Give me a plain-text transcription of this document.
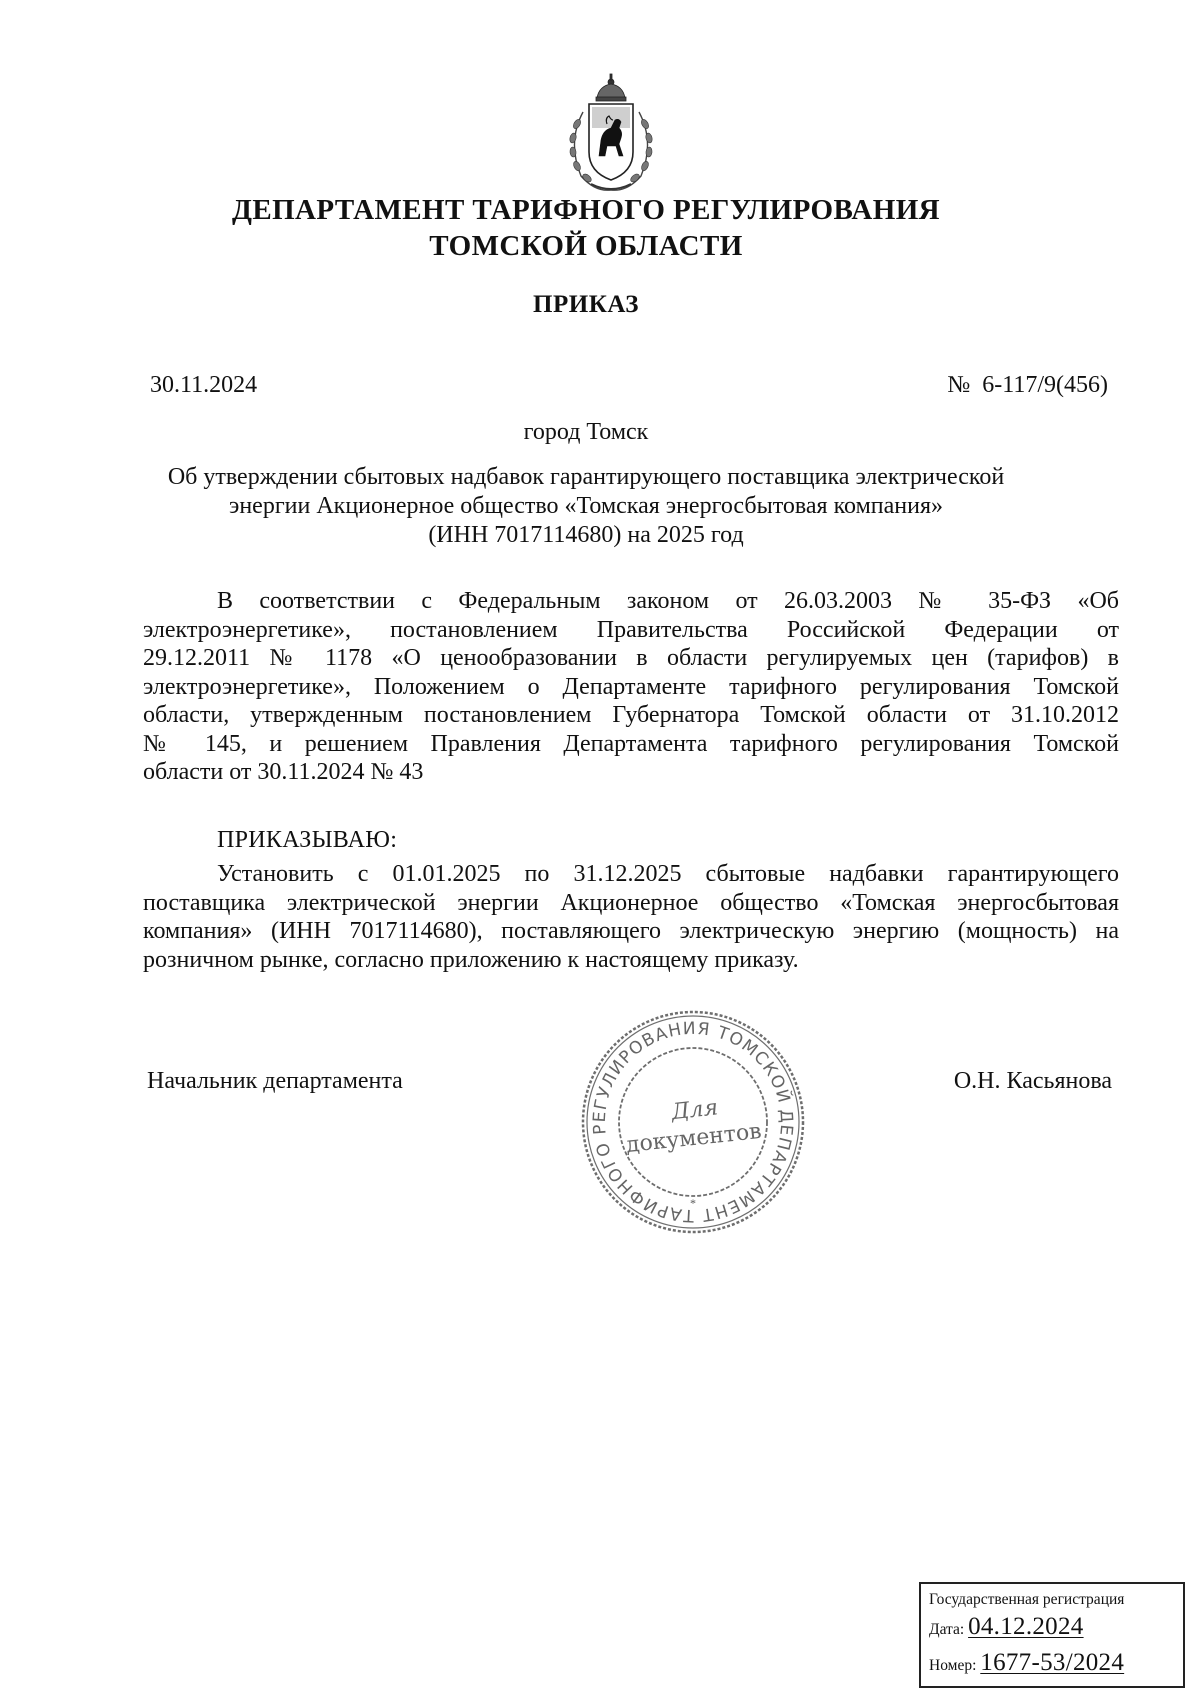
ДЕПАРТАМЕНТ ТАРИФНОГО РЕГУЛИРОВАНИЯ
ТОМСКОЙ ОБЛАСТИ
ПРИКАЗ
30.11.2024	№  6-117/9(456)
город Томск
Об утверждении сбытовых надбавок гарантирующего поставщика электрической
энергии Акционерное общество «Томская энергосбытовая компания»
(ИНН 7017114680) на 2025 год
В соответствии с Федеральным законом от 26.03.2003 № 35-ФЗ «Об
электроэнергетике», постановлением Правительства Российской Федерации от
29.12.2011 № 1178 «О ценообразовании в области регулируемых цен (тарифов) в
электроэнергетике», Положением о Департаменте тарифного регулирования Томской
области, утвержденным постановлением Губернатора Томской области от 31.10.2012
№ 145, и решением Правления Департамента тарифного регулирования Томской
области от 30.11.2024 № 43
ПРИКАЗЫВАЮ:
Установить с 01.01.2025 по 31.12.2025 сбытовые надбавки гарантирующего
поставщика электрической энергии Акционерное общество «Томская энергосбытовая
компания» (ИНН 7017114680), поставляющего электрическую энергию (мощность) на
розничном рынке, согласно приложению к настоящему приказу.
Начальник департамента	О.Н. Касьянова
ДЕПАРТАМЕНТ ТАРИФНОГО РЕГУЛИРОВАНИЯ ТОМСКОЙ
Для
документов
*
Государственная регистрация
Дата: 04.12.2024
Номер: 1677-53/2024
